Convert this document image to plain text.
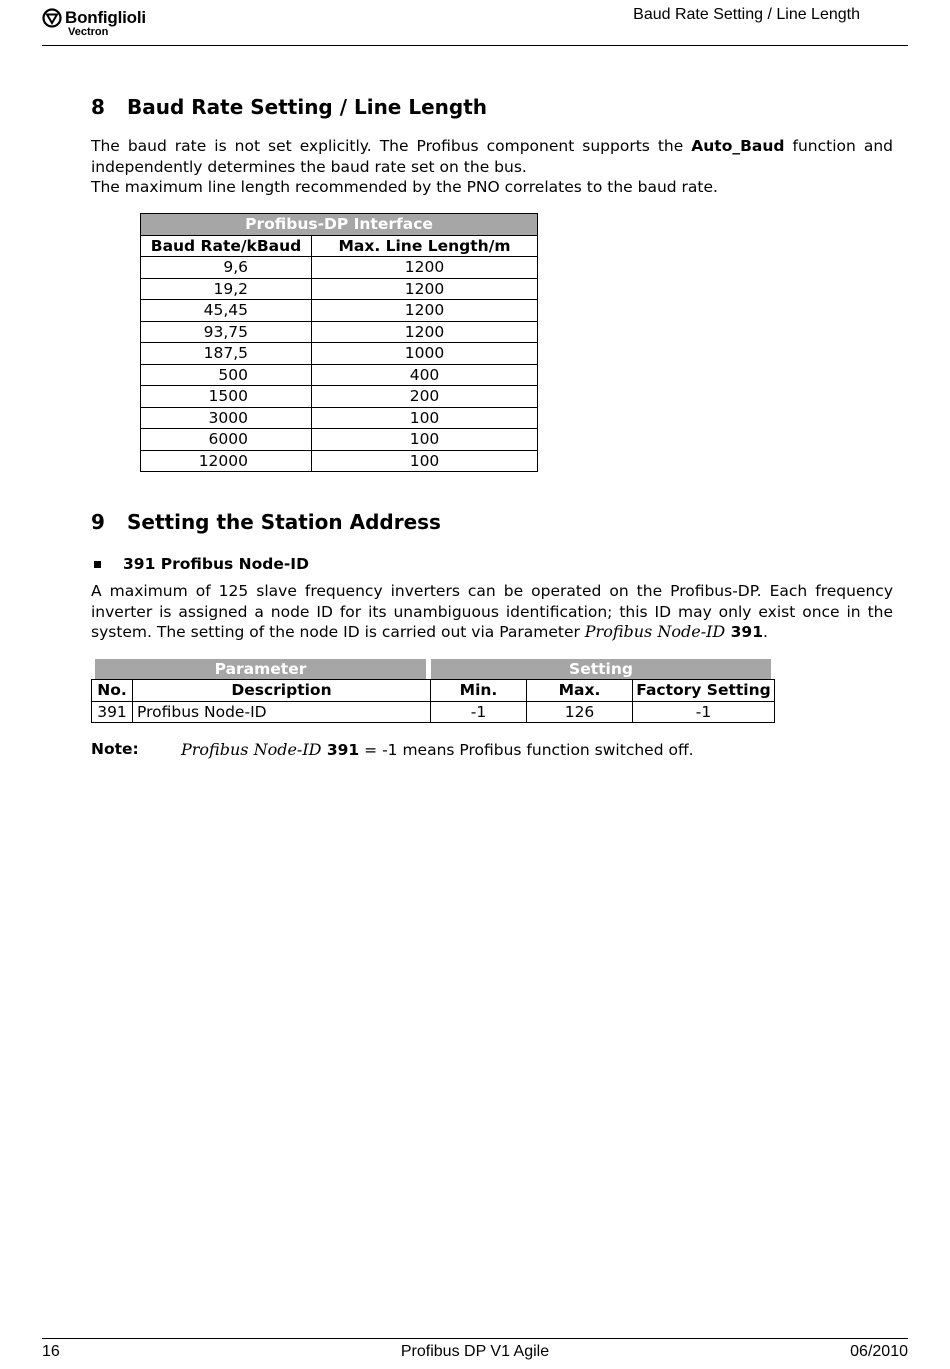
Bonfiglioli
Vectron
Baud Rate Setting / Line Length
8	Baud Rate Setting / Line Length

The baud rate is not set explicitly. The Profibus component supports the Auto_Baud function and independently determines the baud rate set on the bus.

The maximum line length recommended by the PNO correlates to the baud rate.

Profibus-DP Interface	
Baud Rate/kBaud	Max. Line Length/m
9,6	1200
19,2	1200
45,45	1200
93,75	1200
187,5	1000
500	400
1500	200
3000	100
6000	100
12000	100
9	Setting the Station Address
391 Profibus Node-ID

A maximum of 125 slave frequency inverters can be operated on the Profibus-DP. Each frequency inverter is assigned a node ID for its unambiguous identification; this ID may only exist once in the system. The setting of the node ID is carried out via Parameter Profibus Node-ID 391.

Parameter	Setting
No.	Description	Min.	Max.	Factory Setting
391	Profibus Node-ID	-1	126	-1
Note:	Profibus Node-ID 391 = -1 means Profibus function switched off.
16	Profibus DP V1 Agile	06/2010
